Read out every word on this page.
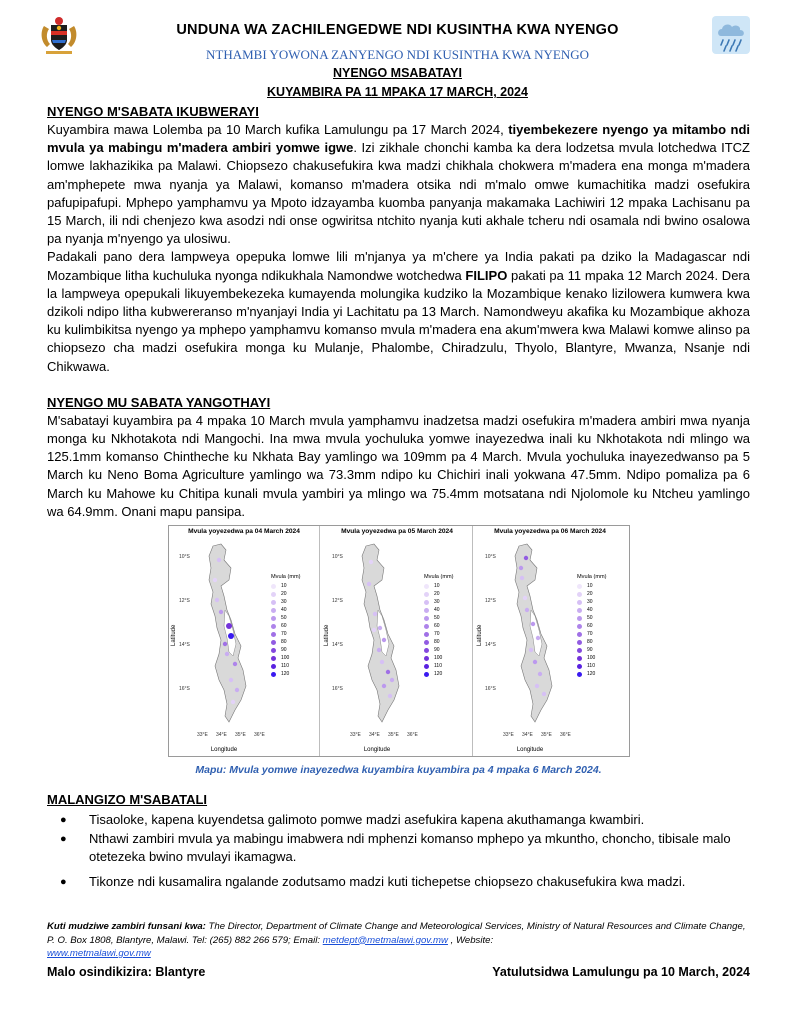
UNDUNA WA ZACHILENGEDWE NDI KUSINTHA KWA NYENGO
NTHAMBI YOWONA ZANYENGO NDI KUSINTHA KWA NYENGO
NYENGO MSABATAYI
KUYAMBIRA PA 11 MPAKA 17 MARCH, 2024
NYENGO M'SABATA IKUBWERAYI

Kuyambira mawa Lolemba pa 10 March kufika Lamulungu pa 17 March 2024, tiyembekezere nyengo ya mitambo ndi mvula ya mabingu m'madera ambiri yomwe igwe. Izi zikhale chonchi kamba ka dera lodzetsa mvula lotchedwa ITCZ lomwe lakhazikika pa Malawi. Chiopsezo chakusefukira kwa madzi chikhala chokwera m'madera ena monga m'madera am'mphepete mwa nyanja ya Malawi, komanso m'madera otsika ndi m'malo omwe kumachitika madzi osefukira pafupipafupi. Mphepo yamphamvu ya Mpoto idzayamba kuomba panyanja makamaka Lachiwiri 12 mpaka Lachisanu pa 15 March, ili ndi chenjezo kwa asodzi ndi onse ogwiritsa ntchito nyanja kuti akhale tcheru ndi osamala ndi bwino osalowa pa nyanja m'nyengo ya ulosiwu.

Padakali pano dera lampweya opepuka lomwe lili m'njanya ya m'chere ya India pakati pa dziko la Madagascar ndi Mozambique litha kuchuluka nyonga ndikukhala Namondwe wotchedwa FILIPO pakati pa 11 mpaka 12 March 2024. Dera la lampweya opepukali likuyembekezeka kumayenda molungika kudziko la Mozambique kenako lizilowera kumwera kwa dzikoli ndipo litha kubwereranso m'nyanjayi India yi Lachitatu pa 13 March. Namondweyu akafika ku Mozambique akhoza ku kulimbikitsa nyengo ya mphepo yamphamvu komanso mvula m'madera ena akum'mwera kwa Malawi komwe alinso pa chiopsezo cha madzi osefukira monga ku Mulanje, Phalombe, Chiradzulu, Thyolo, Blantyre, Mwanza, Nsanje ndi Chikwawa.

NYENGO MU SABATA YANGOTHAYI

M'sabatayi kuyambira pa 4 mpaka 10 March mvula yamphamvu inadzetsa madzi osefukira m'madera ambiri mwa nyanja monga ku Nkhotakota ndi Mangochi. Ina mwa mvula yochuluka yomwe inayezedwa inali ku Nkhotakota ndi mlingo wa 125.1mm komanso Chintheche ku Nkhata Bay yamlingo wa 109mm pa 4 March. Mvula yochuluka inayezedwanso pa 5 March ku Neno Boma Agriculture yamlingo wa 73.3mm ndipo ku Chichiri inali yokwana 47.5mm. Ndipo pomaliza pa 6 March ku Mahowe ku Chitipa kunali mvula yambiri ya mlingo wa 75.4mm motsatana ndi Njolomole ku Ntcheu yamlingo wa 64.9mm. Onani mapu pansipa.

Mvula yoyezedwa pa 04 March 2024
10°S
12°S
14°S
16°S
33°E 34°E 35°E 36°E
Latitude
Longitude
Mvula (mm)
10
20
30
40
50
60
70
80
90
100
110
120
Mvula yoyezedwa pa 05 March 2024
10°S
12°S
14°S
16°S
33°E 34°E 35°E 36°E
Latitude
Longitude
Mvula (mm)
10
20
30
40
50
60
70
80
90
100
110
120
Mvula yoyezedwa pa 06 March 2024
10°S
12°S
14°S
16°S
33°E 34°E 35°E 36°E
Latitude
Longitude
Mvula (mm)
10
20
30
40
50
60
70
80
90
100
110
120
Mapu: Mvula yomwe inayezedwa kuyambira kuyambira pa 4 mpaka 6 March 2024.
MALANGIZO M'SABATALI
● Tisaoloke, kapena kuyendetsa galimoto pomwe madzi asefukira kapena akuthamanga kwambiri.
● Nthawi zambiri mvula ya mabingu imabwera ndi mphenzi komanso mphepo ya mkuntho, choncho, tibisale malo otetezeka bwino mvulayi ikamagwa.
● Tikonze ndi kusamalira ngalande zodutsamo madzi kuti tichepetse chiopsezo chakusefukira kwa madzi.
Kuti mudziwe zambiri funsani kwa: The Director, Department of Climate Change and Meteorological Services, Ministry of Natural Resources and Climate Change, P. O. Box 1808, Blantyre, Malawi. Tel: (265) 882 266 579; Email: metdept@metmalawi.gov.mw , Website:
www.metmalawi.gov.mw
Malo osindikizira: Blantyre	Yatulutsidwa Lamulungu pa 10 March, 2024
